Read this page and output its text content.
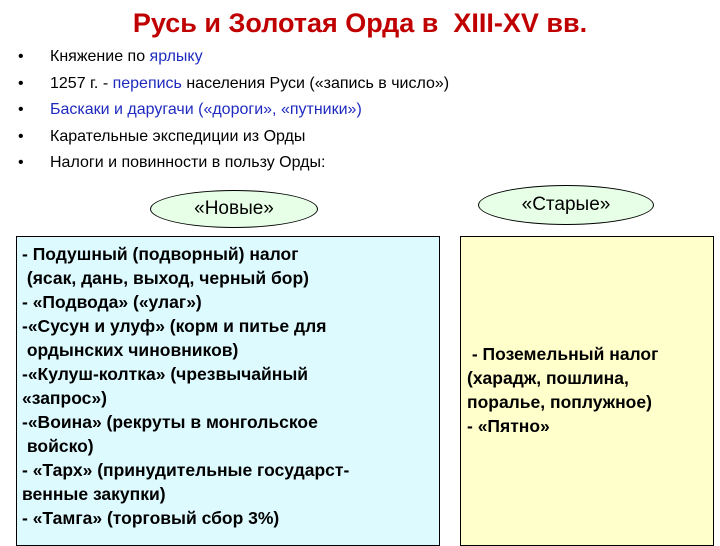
Русь и Золотая Орда в  XIII-XV вв.
• Княжение по ярлыку
• 1257 г. - перепись населения Руси («запись в число»)
• Баскаки и даругачи («дороги», «путники»)
• Карательные экспедиции из Орды
• Налоги и повинности в пользу Орды:
«Новые»	«Старые»
- Подушный (подворный) налог
(ясак, дань, выход, черный бор)
- «Подвода» («улаг»)
-«Сусун и улуф» (корм и питье для
ордынских чиновников)
-«Кулуш-колтка» (чрезвычайный
«запрос»)
-«Воина» (рекруты в монгольское
войско)
- «Тарх» (принудительные государст-
венные закупки)
- «Тамга» (торговый сбор 3%)
- Поземельный налог
(харадж, пошлина,
поралье, поплужное)
- «Пятно»
